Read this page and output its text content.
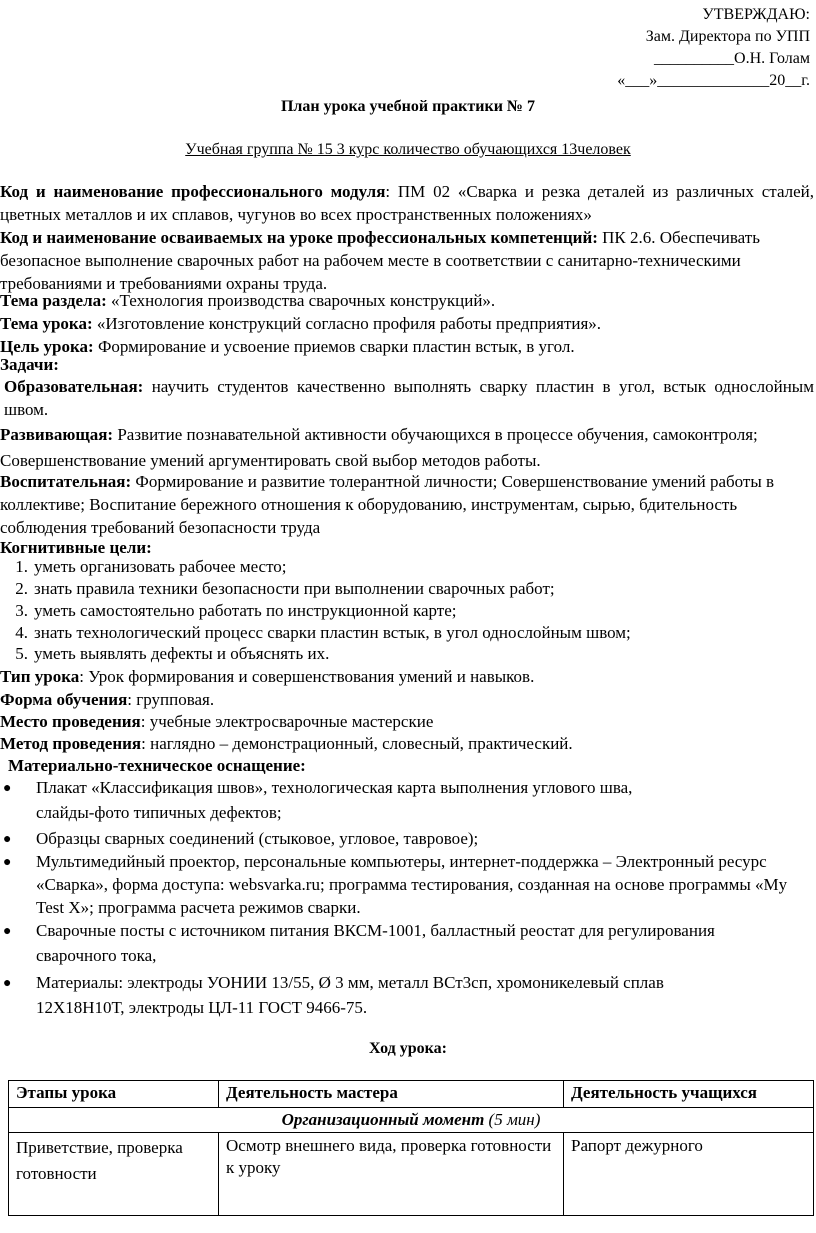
УТВЕРЖДАЮ:
Зам. Директора по УПП
__________О.Н. Голам
«___»______________20__г.
План урока учебной практики № 7
Учебная группа № 15 3 курс количество обучающихся 13человек
Код и наименование профессионального модуля: ПМ 02 «Сварка и резка деталей из различных сталей, цветных металлов и их сплавов, чугунов во всех пространственных положениях»
Код и наименование осваиваемых на уроке профессиональных компетенций: ПК 2.6. Обеспечивать безопасное выполнение сварочных работ на рабочем месте в соответствии с санитарно-техническими требованиями и требованиями охраны труда.
Тема раздела: «Технология производства сварочных конструкций».
Тема урока: «Изготовление конструкций согласно профиля работы предприятия».
Цель урока: Формирование и усвоение приемов сварки пластин встык, в угол.
Задачи:
Образовательная: научить студентов качественно выполнять сварку пластин в угол, встык однослойным швом.
Развивающая: Развитие познавательной активности обучающихся в процессе обучения, самоконтроля; Совершенствование умений аргументировать свой выбор методов работы.
Воспитательная: Формирование и развитие толерантной личности; Совершенствование умений работы в коллективе; Воспитание бережного отношения к оборудованию, инструментам, сырью, бдительность соблюдения требований безопасности труда
Когнитивные цели:
1. уметь организовать рабочее место;
2. знать правила техники безопасности при выполнении сварочных работ;
3. уметь самостоятельно работать по инструкционной карте;
4. знать технологический процесс сварки пластин встык, в угол однослойным швом;
5. уметь выявлять дефекты и объяснять их.
Тип урока: Урок формирования и совершенствования умений и навыков.
Форма обучения: групповая.
Место проведения: учебные электросварочные мастерские
Метод проведения: наглядно – демонстрационный, словесный, практический.
Материально-техническое оснащение:
● Плакат «Классификация швов», технологическая карта выполнения углового шва, слайды-фото типичных дефектов;
● Образцы сварных соединений (стыковое, угловое, тавровое);
● Мультимедийный проектор, персональные компьютеры, интернет-поддержка – Электронный ресурс «Сварка», форма доступа: websvarka.ru; программа тестирования, созданная на основе программы «My Test X»; программа расчета режимов сварки.
● Сварочные посты с источником питания ВКСМ-1001, балластный реостат для регулирования сварочного тока,
● Материалы: электроды УОНИИ 13/55, Ø 3 мм, металл ВСт3сп, хромоникелевый сплав 12Х18Н10Т, электроды ЦЛ-11 ГОСТ 9466-75.
Ход урока:
Этапы урока	Деятельность мастера	Деятельность учащихся
Организационный момент (5 мин)		
Приветствие, проверка готовности	Осмотр внешнего вида, проверка готовности к уроку	Рапорт дежурного
